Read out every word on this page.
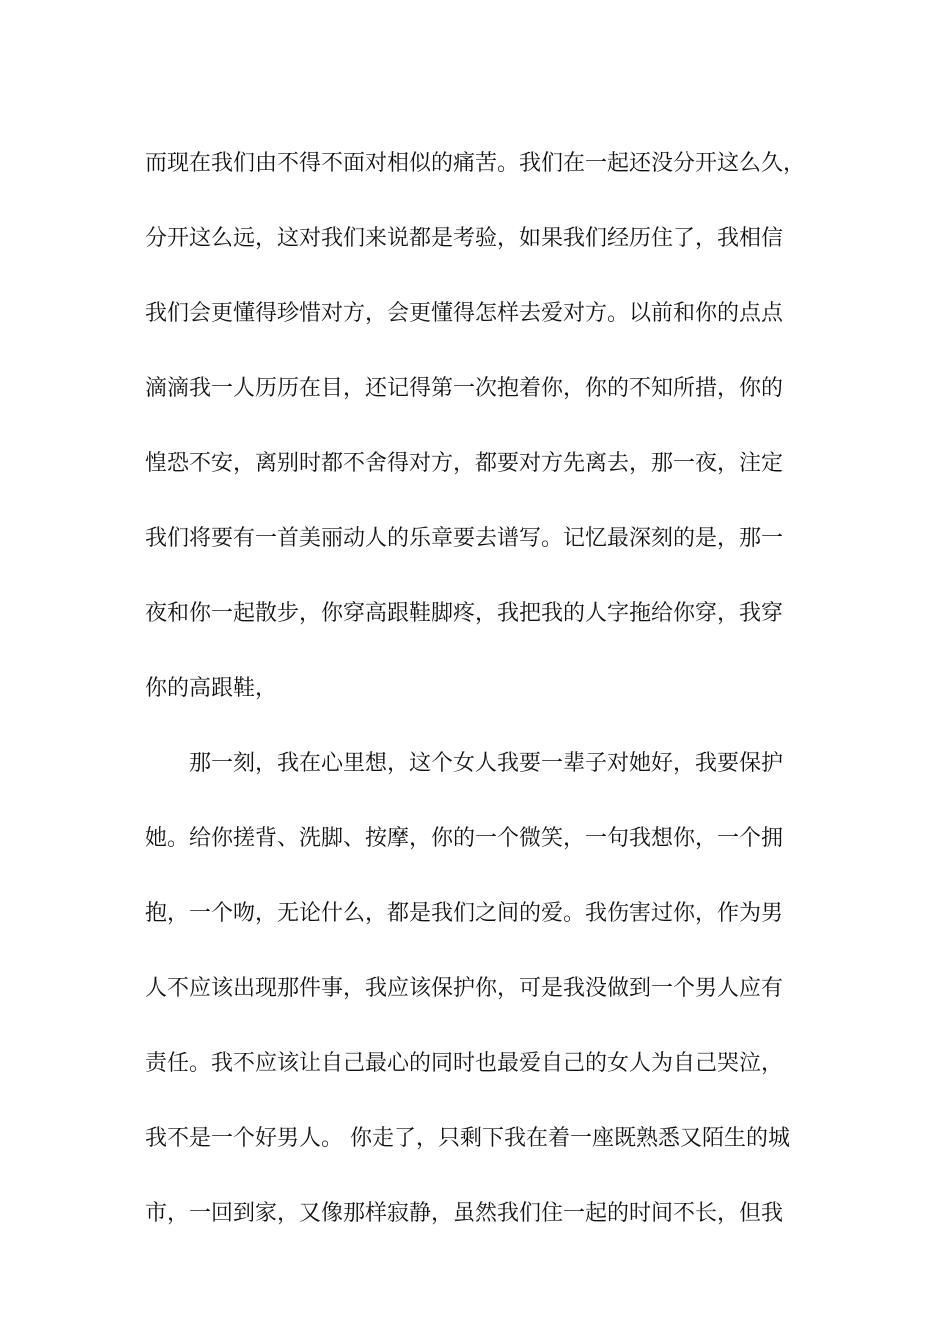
而现在我们由不得不面对相似的痛苦。我们在一起还没分开这么久，
分开这么远，这对我们来说都是考验，如果我们经历住了，我相信
我们会更懂得珍惜对方，会更懂得怎样去爱对方。以前和你的点点
滴滴我一人历历在目，还记得第一次抱着你，你的不知所措，你的
惶恐不安，离别时都不舍得对方，都要对方先离去，那一夜，注定
我们将要有一首美丽动人的乐章要去谱写。记忆最深刻的是，那一
夜和你一起散步，你穿高跟鞋脚疼，我把我的人字拖给你穿，我穿
你的高跟鞋，
那一刻，我在心里想，这个女人我要一辈子对她好，我要保护
她。给你搓背、洗脚、按摩，你的一个微笑，一句我想你，一个拥
抱，一个吻，无论什么，都是我们之间的爱。我伤害过你，作为男
人不应该出现那件事，我应该保护你，可是我没做到一个男人应有
责任。我不应该让自己最心的同时也最爱自己的女人为自己哭泣，
我不是一个好男人。 你走了，只剩下我在着一座既熟悉又陌生的城
市，一回到家，又像那样寂静，虽然我们住一起的时间不长，但我
